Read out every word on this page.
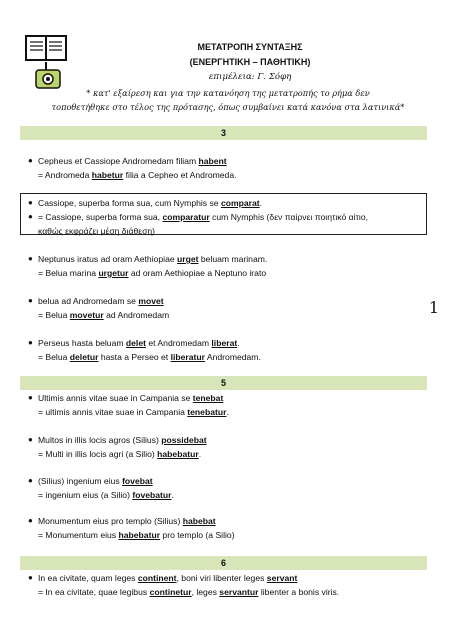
ΜΕΤΑΤΡΟΠΗ ΣΥΝΤΑΞΗΣ
(ΕΝΕΡΓΗΤΙΚΗ – ΠΑΘΗΤΙΚΗ)
επιμέλεια: Γ. Σόφη
* κατ' εξαίρεση και για την κατανόηση της μετατροπής το ρήμα δεν
τοποθετήθηκε στο τέλος της πρότασης, όπως συμβαίνει κατά κανόνα στα λατινικά*
1
3
● Cepheus et Cassiope Andromedam filiam habent
= Andromeda habetur filia a Cepheo et Andromeda.
● Cassiope, superba forma sua, cum Nymphis se comparat.
● = Cassiope, superba forma sua, comparatur cum Nymphis (δεν παίρνει ποιητικό αίτιο,
καθώς εκφράζει μέση διάθεση)
● Neptunus iratus ad oram Aethiopiae urget beluam marinam.
= Belua marina urgetur ad oram Aethiopiae a Neptuno irato
● belua ad Andromedam se movet
= Belua movetur ad Andromedam
● Perseus hasta beluam delet et Andromedam liberat.
= Belua deletur hasta a Perseo et liberatur Andromedam.
5
● Ultimis annis vitae suae in Campania se tenebat
= ultimis annis vitae suae in Campania tenebatur.
● Multos in illis locis agros (Silius) possidebat
= Multi in illis locis agri (a Silio) habebatur.
● (Silius) ingenium eius fovebat
= ingenium eius (a Silio) fovebatur.
● Monumentum eius pro templo (Silius) habebat
= Monumentum eius habebatur pro templo (a Silio)
6
● In ea civitate, quam leges continent, boni viri libenter leges servant
= In ea civitate, quae legibus continetur, leges servantur libenter a bonis viris.
